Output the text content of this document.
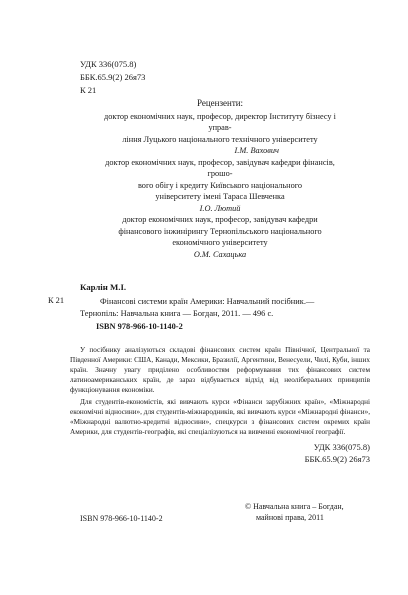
УДК 336(075.8)
ББК.65.9(2) 26я73
К 21
Рецензенти:
доктор економічних наук, професор, директор Інституту бізнесу і управ-
ління Луцького національного технічного університету
І.М. Вахович
доктор економічних наук, професор, завідувач кафедри фінансів, грошо-
вого обігу і кредиту Київського національного
університету імені Тараса Шевченка
І.О. Лютий
доктор економічних наук, професор, завідувач кафедри
фінансового інжинірингу Тернопільського національного
економічного університету
О.М. Сахацька
Карлін М.І.
К 21	Фінансові системи країн Америки: Навчальний посібник.—
Тернопіль: Навчальна книга — Богдан, 2011. — 496 с.
ISBN 978-966-10-1140-2

У посібнику аналізуються складові фінансових систем країн Північної, Центральної та Південної Америки: США, Канади, Мексики, Бразилії, Аргентини, Венесуели, Чилі, Куби, інших країн. Значну увагу приділено особливостям реформування тих фінансових систем латиноамериканських країн, де зараз відбувається відхід від неоліберальних принципів функціонування економіки.

Для студентів-економістів, які вивчають курси «Фінанси зарубіжних країн», «Міжнародні економічні відносини», для студентів-міжнародників, які вивчають курси «Міжнародні фінанси», «Міжнародні валютно-кредитні відносини», спецкурси з фінансових систем окремих країн Америки, для студентів-географів, які спеціалізуються на вивченні економічної географії.

УДК 336(075.8)
ББК.65.9(2) 26я73
© Навчальна книга – Богдан,
майнові права, 2011
ISBN 978-966-10-1140-2
